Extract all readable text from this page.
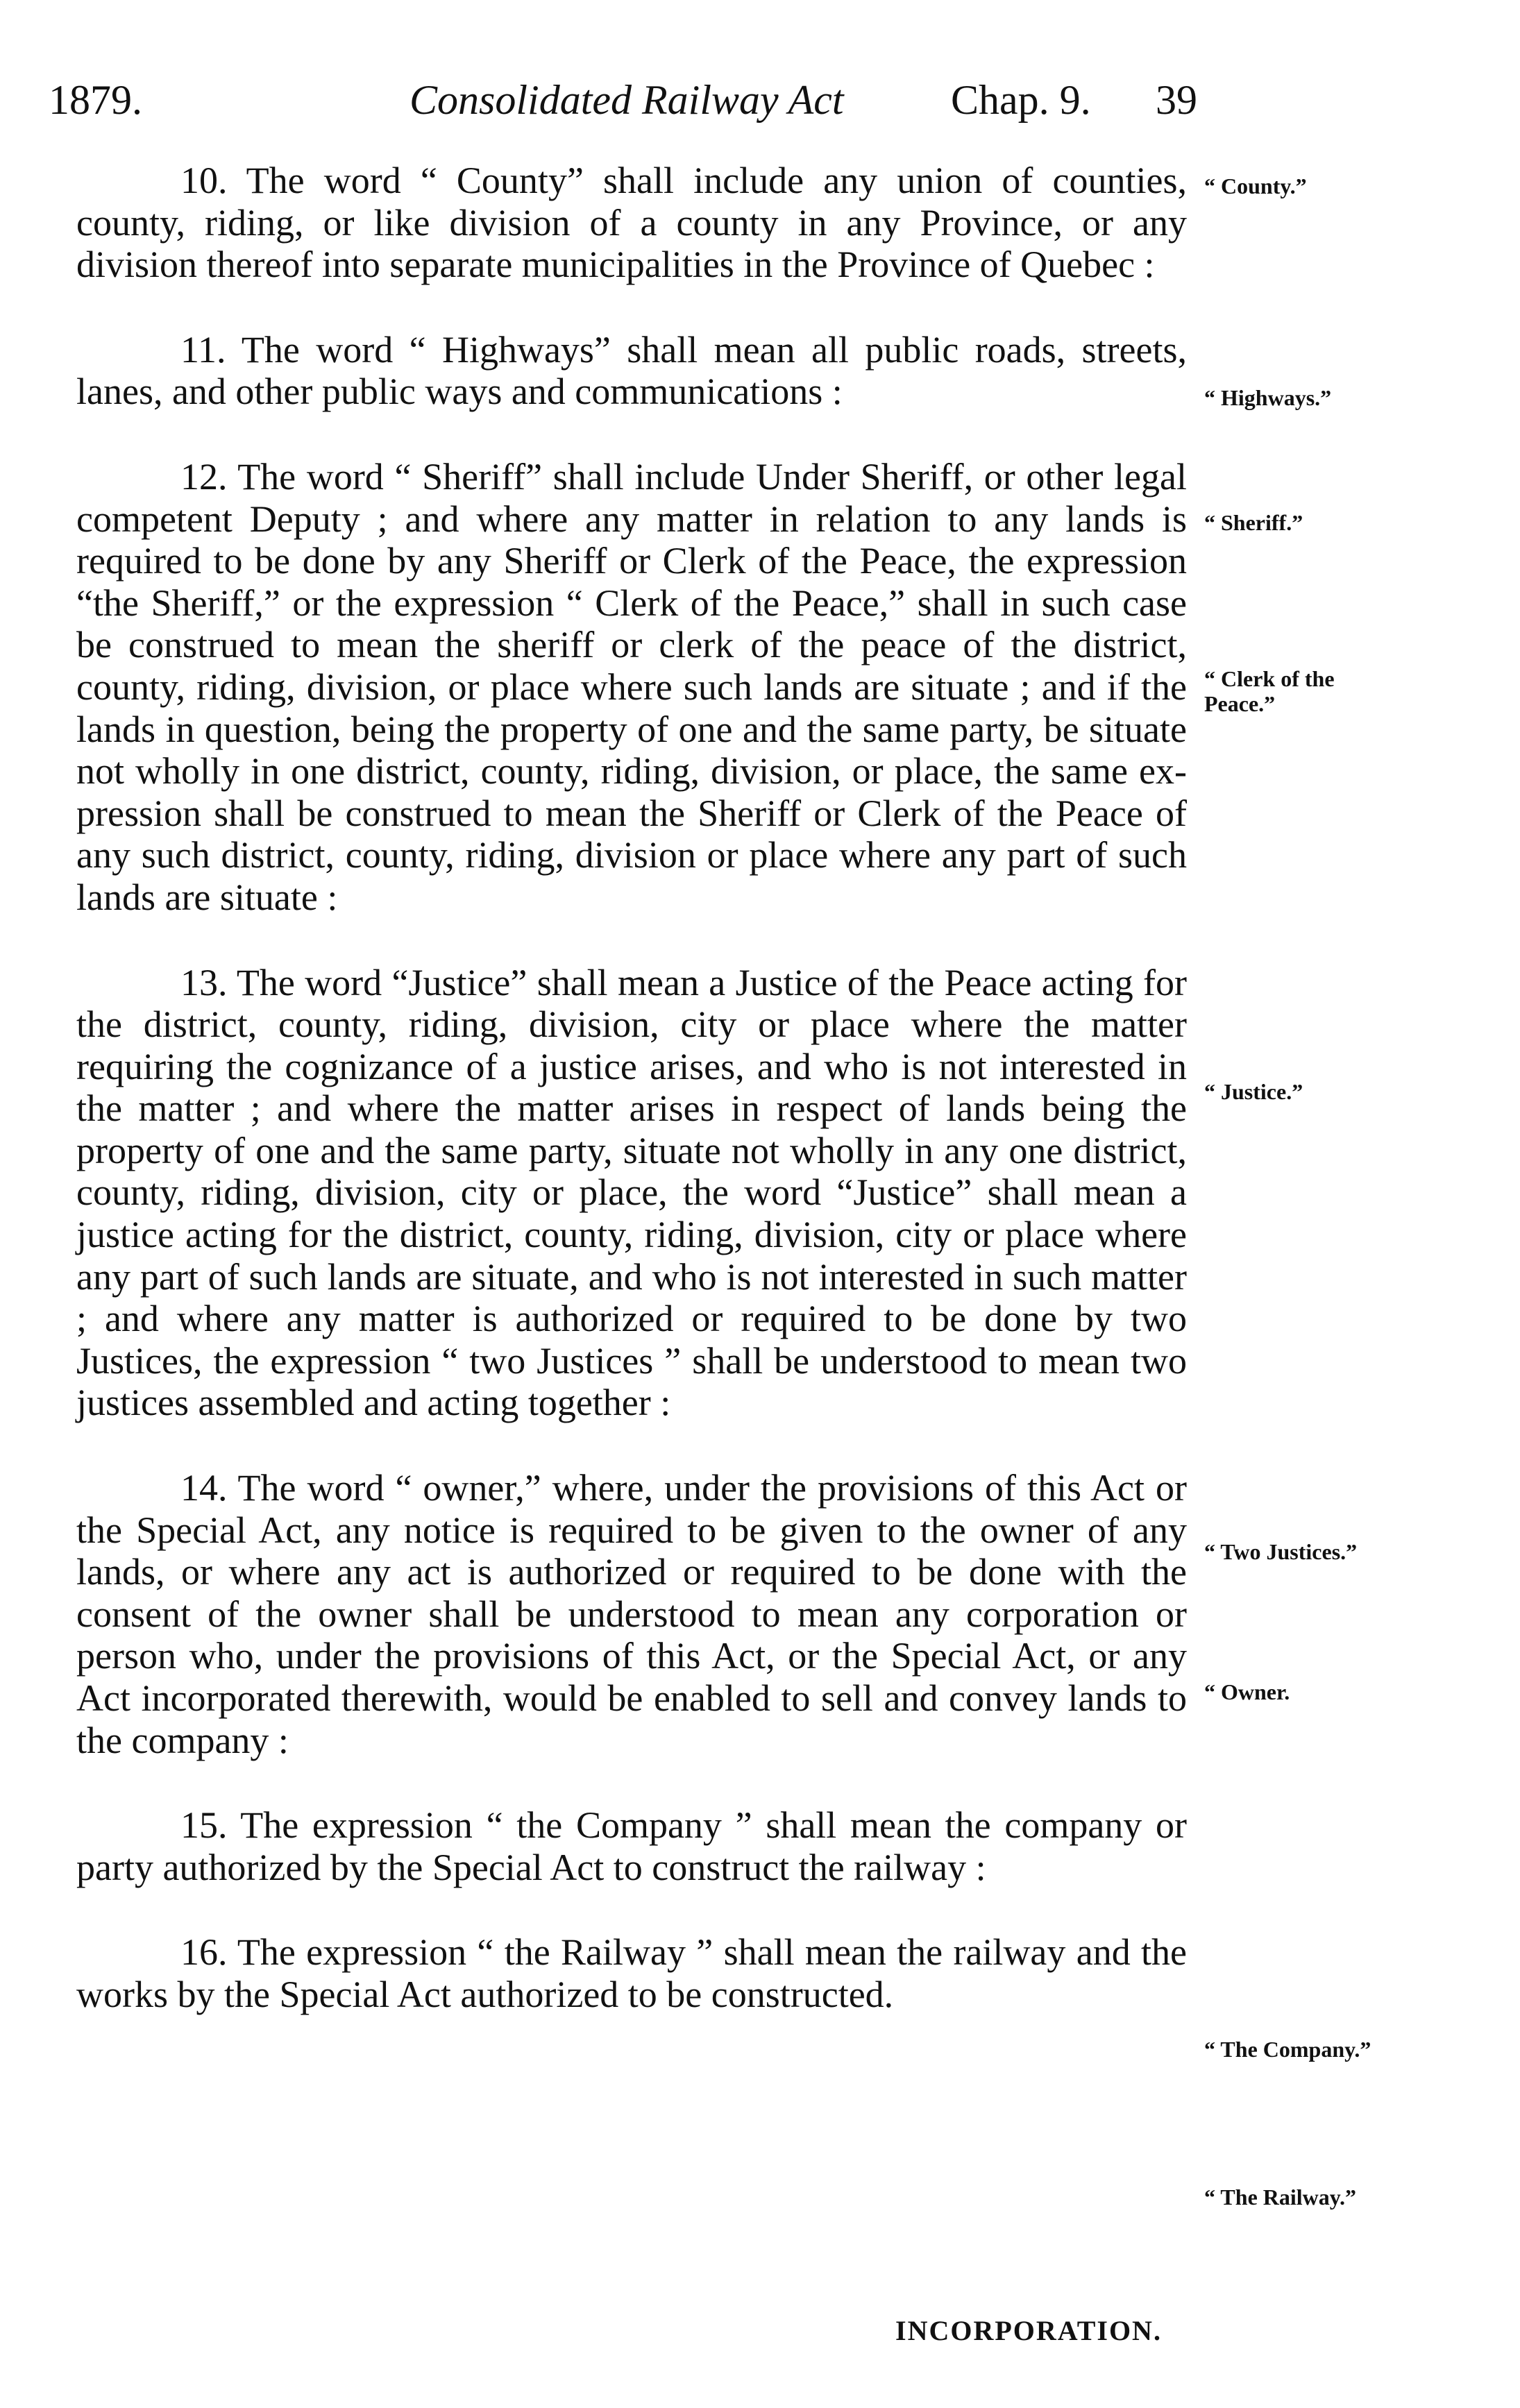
1879.	Consolidated Railway Act	Chap. 9. 39

10. The word “ County” shall include any union of counties, county, riding, or like division of a county in any Province, or any division thereof into separate municipalities in the Province of Quebec :

11. The word “ Highways” shall mean all public roads, streets, lanes, and other public ways and communications :

12. The word “ Sheriff” shall include Under Sheriff, or other legal competent Deputy ; and where any matter in relation to any lands is required to be done by any Sheriff or Clerk of the Peace, the expression “the Sheriff,” or the expression “ Clerk of the Peace,” shall in such case be construed to mean the sheriff or clerk of the peace of the district, county, riding, division, or place where such lands are situate ; and if the lands in question, being the property of one and the same party, be situate not wholly in one district, county, riding, division, or place, the same expression shall be construed to mean the Sheriff or Clerk of the Peace of any such district, county, riding, division or place where any part of such lands are situate :

13. The word “Justice” shall mean a Justice of the Peace acting for the district, county, riding, division, city or place where the matter requiring the cognizance of a justice arises, and who is not interested in the matter ; and where the matter arises in respect of lands being the property of one and the same party, situate not wholly in any one district, county, riding, division, city or place, the word “Justice” shall mean a justice acting for the district, county, riding, division, city or place where any part of such lands are situate, and who is not interested in such matter ; and where any matter is authorized or required to be done by two Justices, the expression “ two Justices ” shall be understood to mean two justices assembled and acting together :

14. The word “ owner,” where, under the provisions of this Act or the Special Act, any notice is required to be given to the owner of any lands, or where any act is authorized or required to be done with the consent of the owner shall be understood to mean any corporation or person who, under the provisions of this Act, or the Special Act, or any Act incorporated therewith, would be enabled to sell and convey lands to the company :

15. The expression “ the Company ” shall mean the company or party authorized by the Special Act to construct the railway :

16. The expression “ the Railway ” shall mean the railway and the works by the Special Act authorized to be constructed.

“ County.”
“ Highways.”
“ Sheriff.”
“ Clerk of the Peace.”
“ Justice.”
“ Two Justices.”
“ Owner.
“ The Company.”
“ The Railway.”
INCORPORATION.
